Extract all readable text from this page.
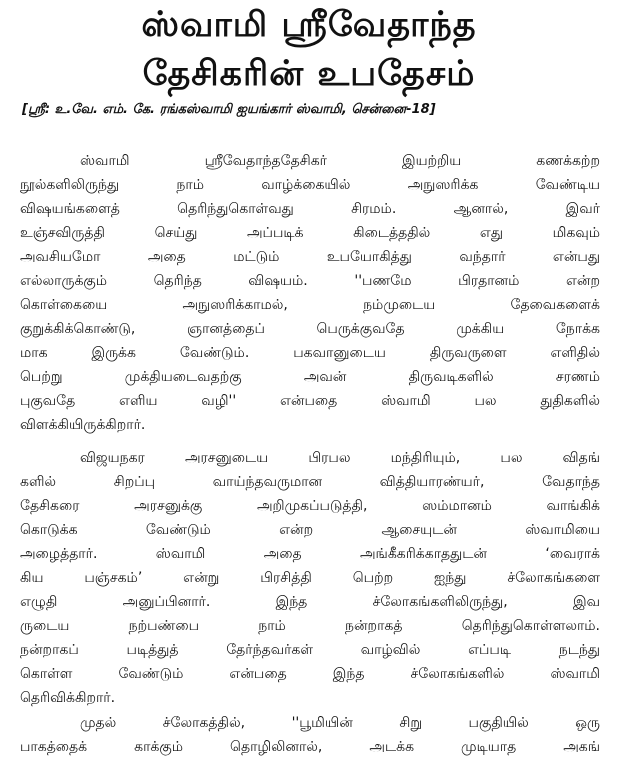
ஸ்வாமி ஸ்ரீவேதாந்த
தேசிகரின் உபதேசம்
[ஸ்ரீ: உ.வே. எம். கே. ரங்கஸ்வாமி ஐயங்கார் ஸ்வாமி, சென்னை-18]
ஸ்வாமி ஸ்ரீவேதாந்ததேசிகர் இயற்றிய கணக்கற்ற
நூல்களிலிருந்து நாம் வாழ்க்கையில் அநுஸரிக்க வேண்டிய
விஷயங்களைத் தெரிந்துகொள்வது சிரமம். ஆனால், இவர்
உஞ்சவிருத்தி செய்து அப்படிக் கிடைத்ததில் எது மிகவும்
அவசியமோ அதை மட்டும் உபயோகித்து வந்தார் என்பது
எல்லாருக்கும் தெரிந்த விஷயம். ''பணமே பிரதானம் என்ற
கொள்கையை அநுஸரிக்காமல், நம்முடைய தேவைகளைக்
குறுக்கிக்கொண்டு, ஞானத்தைப் பெருக்குவதே முக்கிய நோக்க
மாக இருக்க வேண்டும். பகவானுடைய திருவருளை எளிதில்
பெற்று முக்தியடைவதற்கு அவன் திருவடிகளில் சரணம்
புகுவதே எளிய வழி'' என்பதை ஸ்வாமி பல துதிகளில்
விளக்கியிருக்கிறார்.
விஜயநகர அரசனுடைய பிரபல மந்திரியும், பல விதங்
களில் சிறப்பு வாய்ந்தவருமான வித்தியாரண்யர், வேதாந்த
தேசிகரை அரசனுக்கு அறிமுகப்படுத்தி, ஸம்மானம் வாங்கிக்
கொடுக்க வேண்டும் என்ற ஆசையுடன் ஸ்வாமியை
அழைத்தார். ஸ்வாமி அதை அங்கீகரிக்காததுடன் ‘வைராக்
கிய பஞ்சகம்’ என்று பிரசித்தி பெற்ற ஐந்து ச்லோகங்களை
எழுதி அனுப்பினார். இந்த ச்லோகங்களிலிருந்து, இவ
ருடைய நற்பண்பை நாம் நன்றாகத் தெரிந்துகொள்ளலாம்.
நன்றாகப் படித்துத் தேர்ந்தவர்கள் வாழ்வில் எப்படி நடந்து
கொள்ள வேண்டும் என்பதை இந்த ச்லோகங்களில் ஸ்வாமி
தெரிவிக்கிறார்.
முதல் ச்லோகத்தில், ''பூமியின் சிறு பகுதியில் ஒரு
பாகத்தைக் காக்கும் தொழிலினால், அடக்க முடியாத அகங்
